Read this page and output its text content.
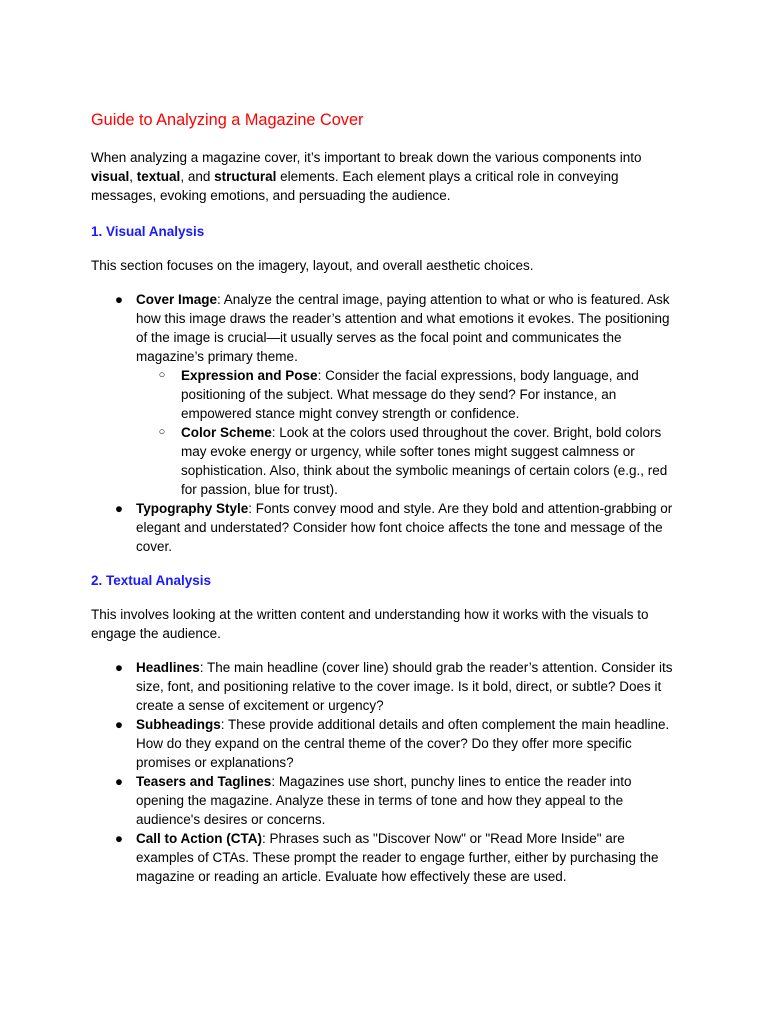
Guide to Analyzing a Magazine Cover

When analyzing a magazine cover, it’s important to break down the various components into visual, textual, and structural elements. Each element plays a critical role in conveying messages, evoking emotions, and persuading the audience.

1. Visual Analysis

This section focuses on the imagery, layout, and overall aesthetic choices.

● Cover Image: Analyze the central image, paying attention to what or who is featured. Ask how this image draws the reader’s attention and what emotions it evokes. The positioning of the image is crucial—it usually serves as the focal point and communicates the magazine’s primary theme.
○ Expression and Pose: Consider the facial expressions, body language, and positioning of the subject. What message do they send? For instance, an empowered stance might convey strength or confidence.
○ Color Scheme: Look at the colors used throughout the cover. Bright, bold colors may evoke energy or urgency, while softer tones might suggest calmness or sophistication. Also, think about the symbolic meanings of certain colors (e.g., red for passion, blue for trust).
● Typography Style: Fonts convey mood and style. Are they bold and attention-grabbing or elegant and understated? Consider how font choice affects the tone and message of the cover.
2. Textual Analysis

This involves looking at the written content and understanding how it works with the visuals to engage the audience.

● Headlines: The main headline (cover line) should grab the reader’s attention. Consider its size, font, and positioning relative to the cover image. Is it bold, direct, or subtle? Does it create a sense of excitement or urgency?
● Subheadings: These provide additional details and often complement the main headline. How do they expand on the central theme of the cover? Do they offer more specific promises or explanations?
● Teasers and Taglines: Magazines use short, punchy lines to entice the reader into opening the magazine. Analyze these in terms of tone and how they appeal to the audience's desires or concerns.
● Call to Action (CTA): Phrases such as "Discover Now" or "Read More Inside" are examples of CTAs. These prompt the reader to engage further, either by purchasing the magazine or reading an article. Evaluate how effectively these are used.
